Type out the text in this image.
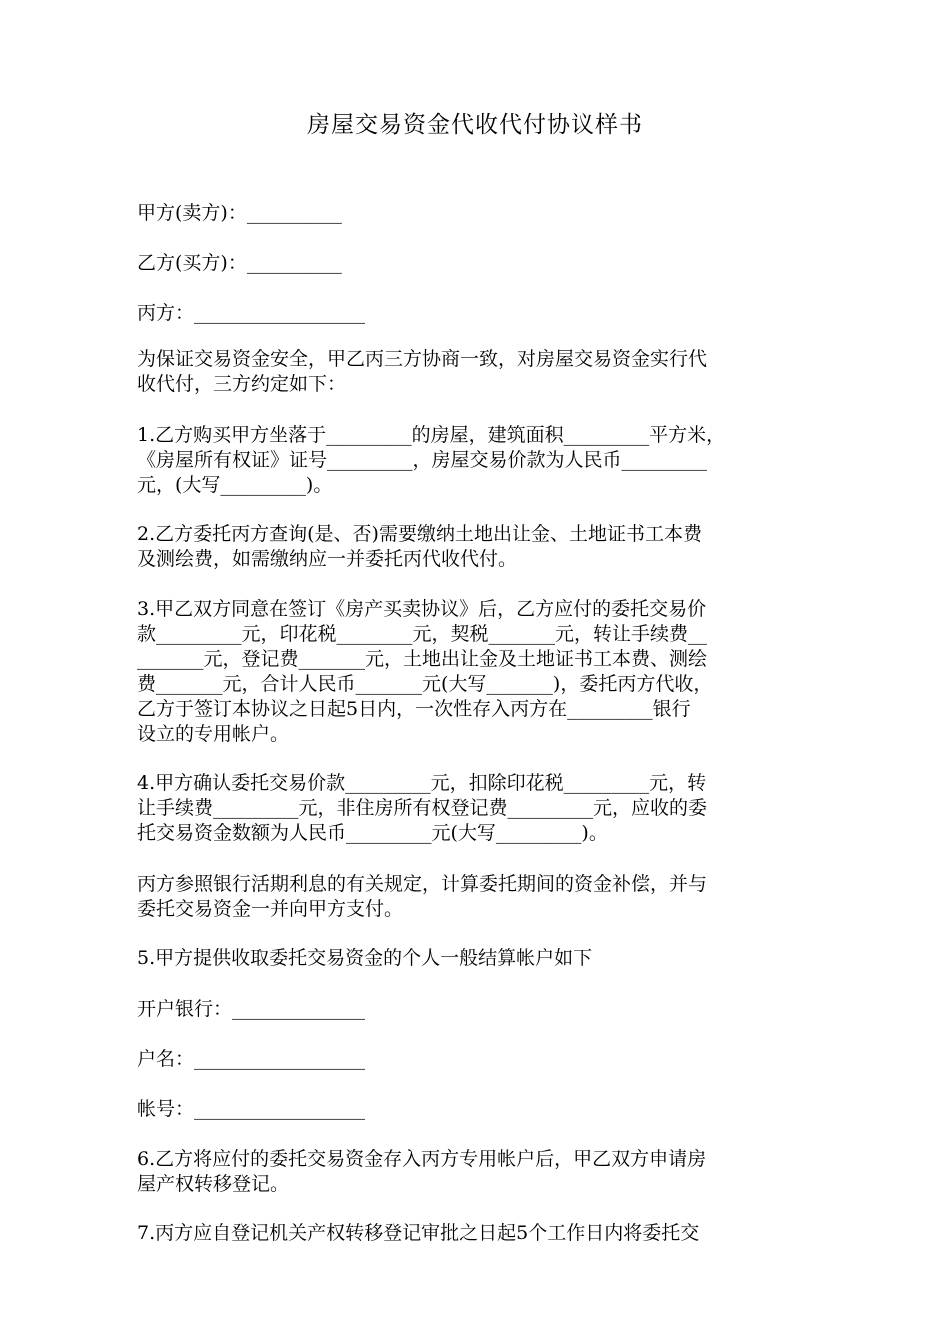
房屋交易资金代收代付协议样书
甲方(卖方)：__________
乙方(买方)：__________
丙方：__________________
为保证交易资金安全，甲乙丙三方协商一致，对房屋交易资金实行代
收代付，三方约定如下：
1.乙方购买甲方坐落于_________的房屋，建筑面积_________平方米，
《房屋所有权证》证号_________，房屋交易价款为人民币_________
元，(大写_________)。
2.乙方委托丙方查询(是、否)需要缴纳土地出让金、土地证书工本费
及测绘费，如需缴纳应一并委托丙代收代付。
3.甲乙双方同意在签订《房产买卖协议》后，乙方应付的委托交易价
款_________元，印花税________元，契税_______元，转让手续费__
_______元，登记费_______元，土地出让金及土地证书工本费、测绘
费_______元，合计人民币_______元(大写_______)，委托丙方代收，
乙方于签订本协议之日起5日内，一次性存入丙方在_________银行
设立的专用帐户。
4.甲方确认委托交易价款_________元，扣除印花税_________元，转
让手续费_________元，非住房所有权登记费_________元，应收的委
托交易资金数额为人民币_________元(大写_________)。
丙方参照银行活期利息的有关规定，计算委托期间的资金补偿，并与
委托交易资金一并向甲方支付。
5.甲方提供收取委托交易资金的个人一般结算帐户如下
开户银行：______________
户名：__________________
帐号：__________________
6.乙方将应付的委托交易资金存入丙方专用帐户后，甲乙双方申请房
屋产权转移登记。
7.丙方应自登记机关产权转移登记审批之日起5个工作日内将委托交
